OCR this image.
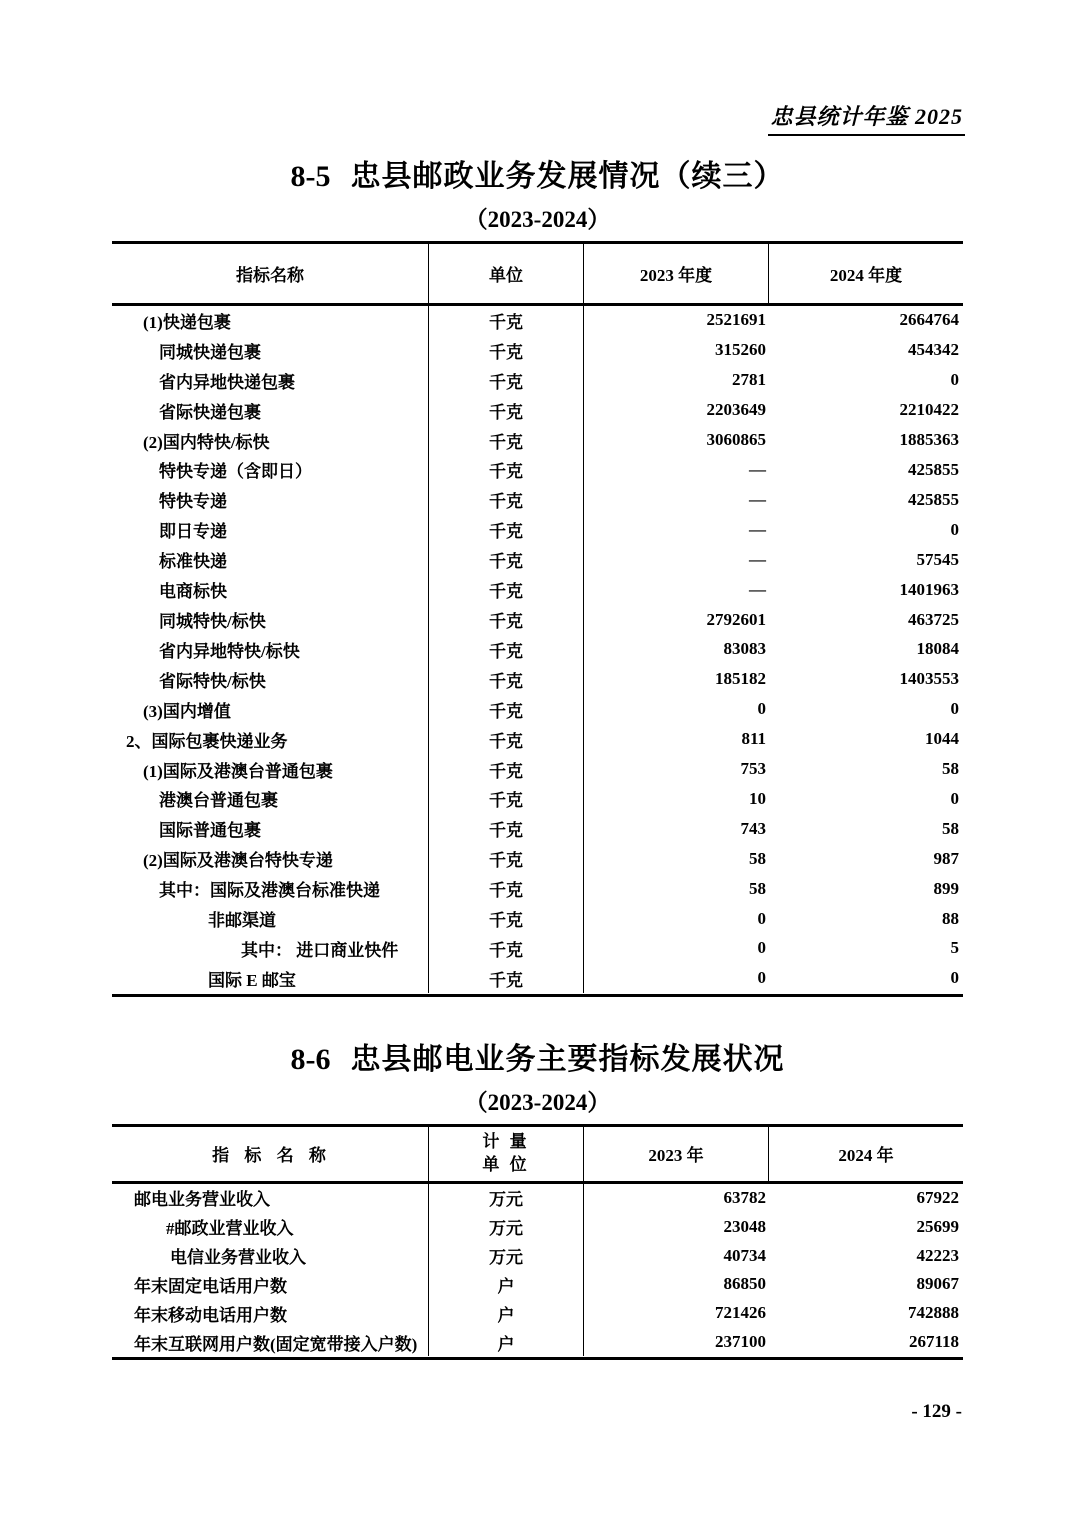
忠县统计年鉴 2025
8-5 忠县邮政业务发展情况（续三）
（2023-2024）
指标名称	单位	2023 年度	2024 年度
(1)快递包裹	千克	2521691	2664764
同城快递包裹	千克	315260	454342
省内异地快递包裹	千克	2781	0
省际快递包裹	千克	2203649	2210422
(2)国内特快/标快	千克	3060865	1885363
特快专递（含即日）	千克	—	425855
特快专递	千克	—	425855
即日专递	千克	—	0
标准快递	千克	—	57545
电商标快	千克	—	1401963
同城特快/标快	千克	2792601	463725
省内异地特快/标快	千克	83083	18084
省际特快/标快	千克	185182	1403553
(3)国内增值	千克	0	0
2、国际包裹快递业务	千克	811	1044
(1)国际及港澳台普通包裹	千克	753	58
港澳台普通包裹	千克	10	0
国际普通包裹	千克	743	58
(2)国际及港澳台特快专递	千克	58	987
其中：国际及港澳台标准快递	千克	58	899
非邮渠道	千克	0	88
其中： 进口商业快件	千克	0	5
国际 E 邮宝	千克	0	0
8-6 忠县邮电业务主要指标发展状况
（2023-2024）
指 标 名 称
计 量
单 位	2023 年	2024 年
邮电业务营业收入	万元	63782	67922
#邮政业营业收入	万元	23048	25699
电信业务营业收入	万元	40734	42223
年末固定电话用户数	户	86850	89067
年末移动电话用户数	户	721426	742888
年末互联网用户数(固定宽带接入户数)	户	237100	267118
- 129 -
